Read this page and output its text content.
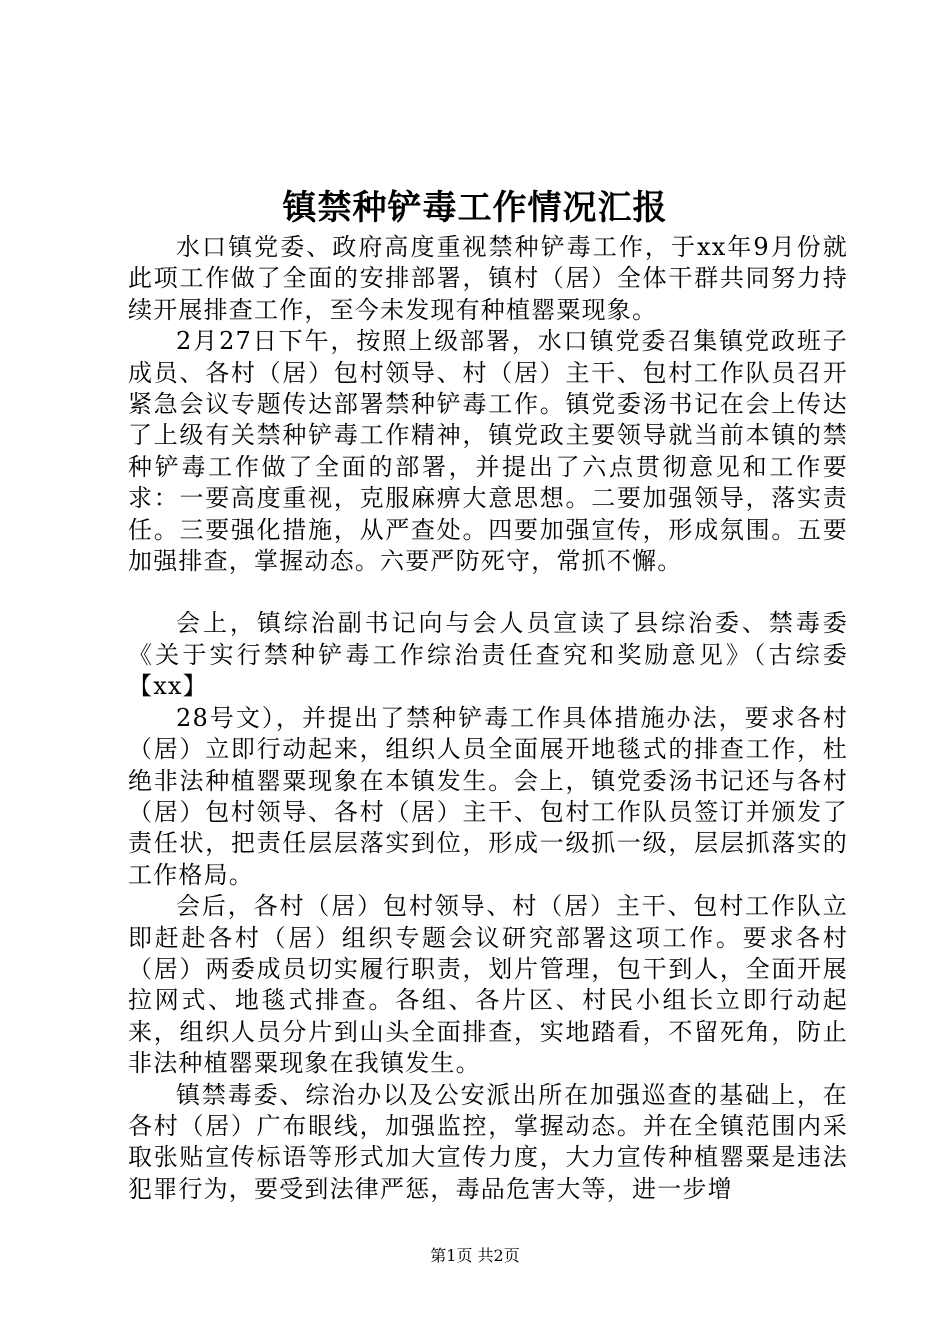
镇禁种铲毒工作情况汇报

水口镇党委、政府高度重视禁种铲毒工作，于xx年9月份就此项工作做了全面的安排部署，镇村（居）全体干群共同努力持续开展排查工作，至今未发现有种植罂粟现象。

2月27日下午，按照上级部署，水口镇党委召集镇党政班子成员、各村（居）包村领导、村（居）主干、包村工作队员召开紧急会议专题传达部署禁种铲毒工作。镇党委汤书记在会上传达了上级有关禁种铲毒工作精神，镇党政主要领导就当前本镇的禁种铲毒工作做了全面的部署，并提出了六点贯彻意见和工作要求：一要高度重视，克服麻痹大意思想。二要加强领导，落实责任。三要强化措施，从严查处。四要加强宣传，形成氛围。五要加强排查，掌握动态。六要严防死守，常抓不懈。

会上，镇综治副书记向与会人员宣读了县综治委、禁毒委《关于实行禁种铲毒工作综治责任查究和奖励意见》（古综委【xx】

28号文），并提出了禁种铲毒工作具体措施办法，要求各村（居）立即行动起来，组织人员全面展开地毯式的排查工作，杜绝非法种植罂粟现象在本镇发生。会上，镇党委汤书记还与各村（居）包村领导、各村（居）主干、包村工作队员签订并颁发了责任状，把责任层层落实到位，形成一级抓一级，层层抓落实的工作格局。

会后，各村（居）包村领导、村（居）主干、包村工作队立即赶赴各村（居）组织专题会议研究部署这项工作。要求各村（居）两委成员切实履行职责，划片管理，包干到人，全面开展拉网式、地毯式排查。各组、各片区、村民小组长立即行动起来，组织人员分片到山头全面排查，实地踏看，不留死角，防止非法种植罂粟现象在我镇发生。

镇禁毒委、综治办以及公安派出所在加强巡查的基础上，在各村（居）广布眼线，加强监控，掌握动态。并在全镇范围内采取张贴宣传标语等形式加大宣传力度，大力宣传种植罂粟是违法犯罪行为，要受到法律严惩，毒品危害大等，进一步增

第1页 共2页
